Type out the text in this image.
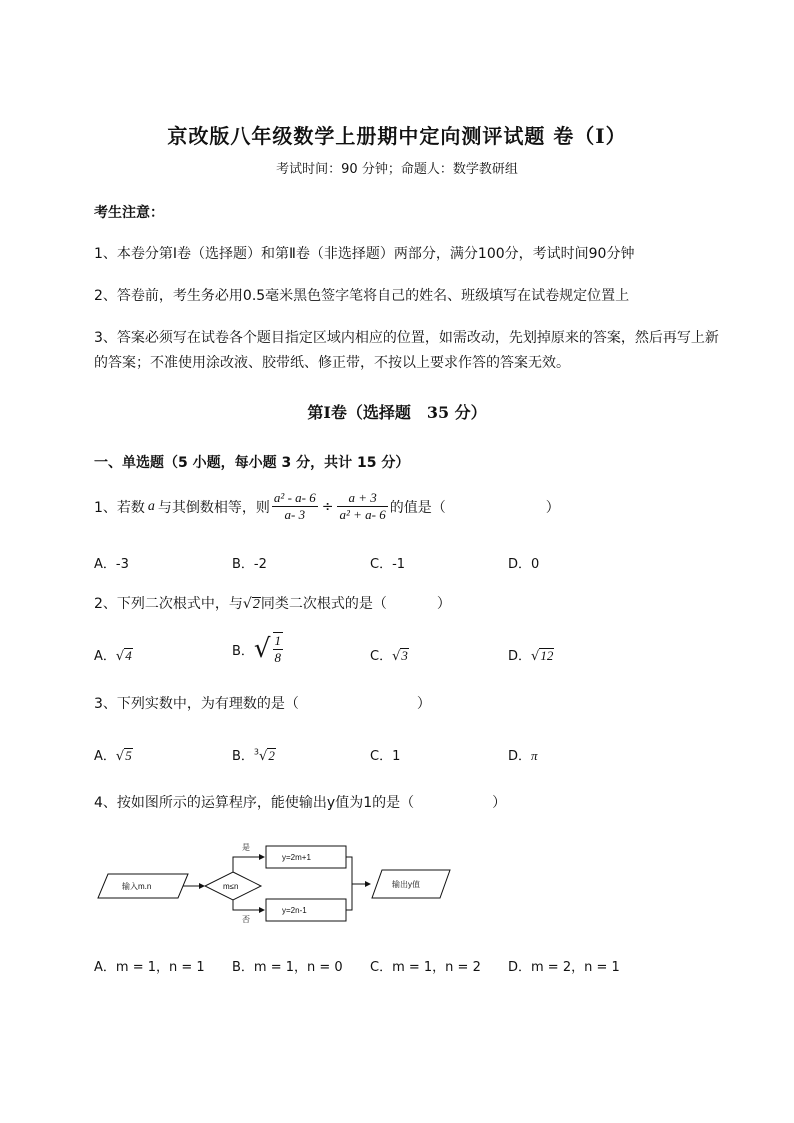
京改版八年级数学上册期中定向测评试题 卷（Ⅰ）
考试时间：90 分钟；命题人：数学教研组
考生注意：
1、本卷分第I卷（选择题）和第Ⅱ卷（非选择题）两部分，满分100分，考试时间90分钟
2、答卷前，考生务必用0.5毫米黑色签字笔将自己的姓名、班级填写在试卷规定位置上
3、答案必须写在试卷各个题目指定区域内相应的位置，如需改动，先划掉原来的答案，然后再写上新
的答案；不准使用涂改液、胶带纸、修正带，不按以上要求作答的答案无效。
第I卷（选择题　35 分）
一、单选题（5 小题，每小题 3 分，共计 15 分）
1、若数 a 与其倒数相等，则 $\frac{\text{a² - a- 6}}{a- 3} \div \frac{a + 3}{\text{a² + a- 6}}$ 的值是（	）
A．-3	B．-2	C．-1	D．0
2、下列二次根式中，与√2同类二次根式的是（	）
A．√4	B． √ $\frac{1}{8}$	C．√3	D．√12
3、下列实数中，为有理数的是（	）
A．√5	B．$^3$√2	C．1	D．π
4、按如图所示的运算程序，能使输出y值为1的是（	）
输入m.n	m≤n
是
y=2m+1
否
y=2n-1
输出y值
A．m = 1，n = 1 B．m = 1，n = 0 C．m = 1，n = 2 D．m = 2，n = 1
